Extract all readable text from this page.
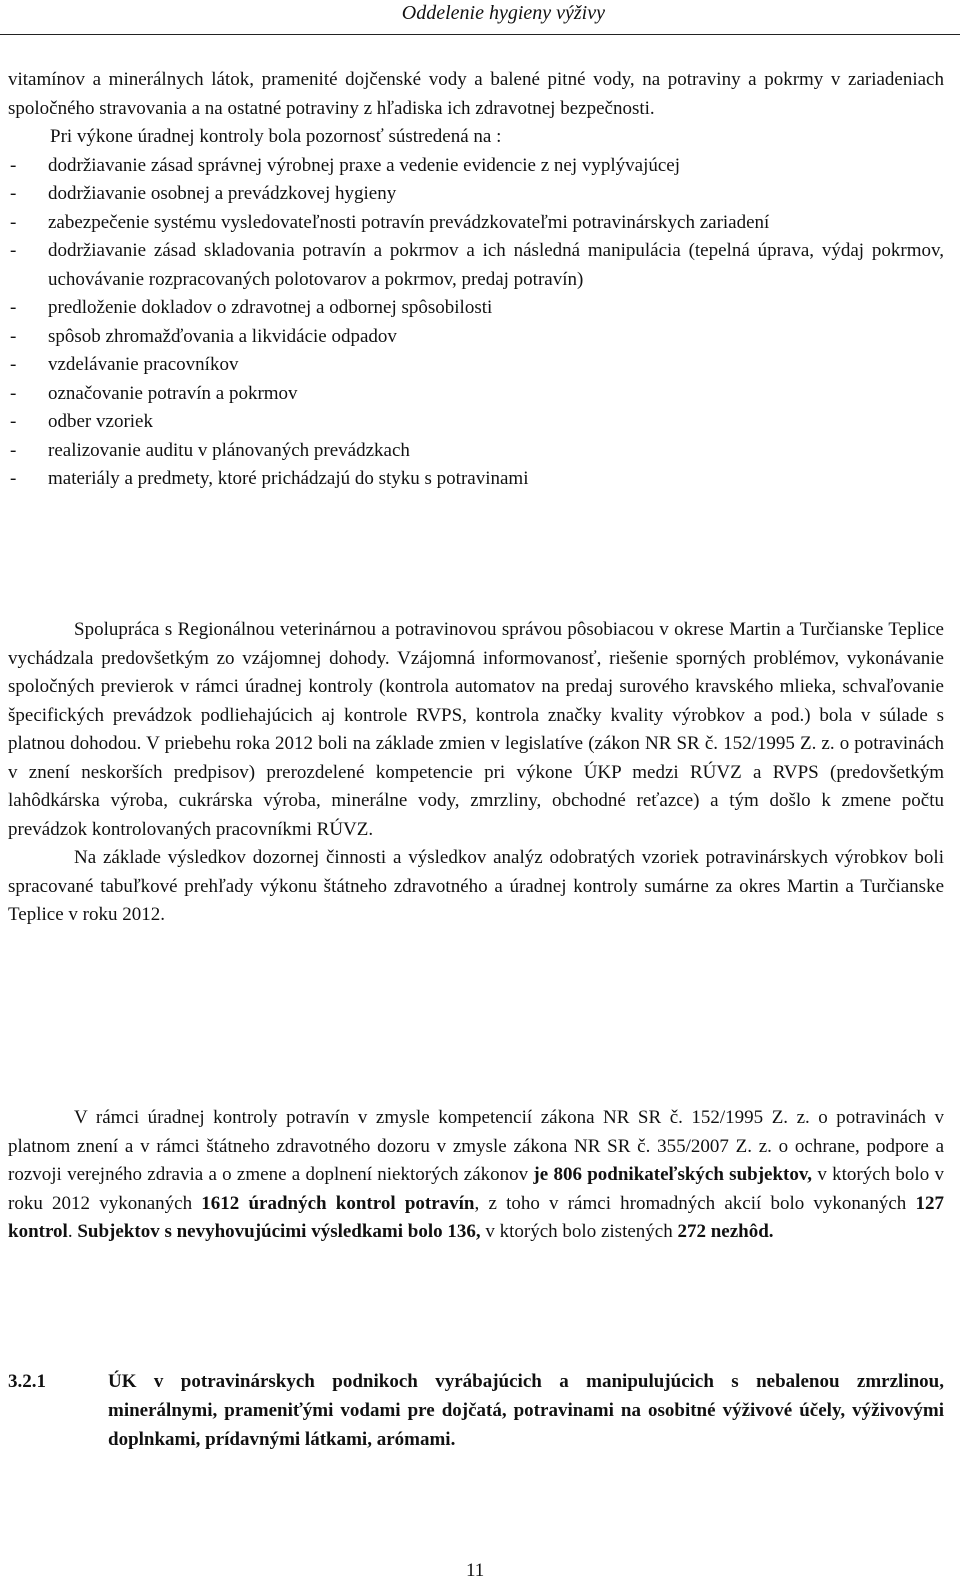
Oddelenie hygieny výživy

vitamínov a minerálnych látok, pramenité dojčenské vody a balené pitné vody, na potraviny a pokrmy v zariadeniach spoločného stravovania a na ostatné potraviny z hľadiska ich zdravotnej bezpečnosti.

Pri výkone úradnej kontroly bola pozornosť sústredená na :

- dodržiavanie zásad správnej výrobnej praxe a vedenie evidencie z nej vyplývajúcej
- dodržiavanie osobnej a prevádzkovej hygieny
- zabezpečenie systému vysledovateľnosti potravín prevádzkovateľmi potravinárskych zariadení
- dodržiavanie zásad skladovania potravín a pokrmov a ich následná manipulácia (tepelná úprava, výdaj pokrmov, uchovávanie rozpracovaných polotovarov a pokrmov, predaj potravín)
- predloženie dokladov o zdravotnej a odbornej spôsobilosti
- spôsob zhromažďovania a likvidácie odpadov
- vzdelávanie pracovníkov
- označovanie potravín a pokrmov
- odber vzoriek
- realizovanie auditu v plánovaných prevádzkach
- materiály a predmety, ktoré prichádzajú do styku s potravinami

Spolupráca s Regionálnou veterinárnou a potravinovou správou pôsobiacou v okrese Martin a Turčianske Teplice vychádzala predovšetkým zo vzájomnej dohody. Vzájomná informovanosť, riešenie sporných problémov, vykonávanie spoločných previerok v rámci úradnej kontroly (kontrola automatov na predaj surového kravského mlieka, schvaľovanie špecifických prevádzok podliehajúcich aj kontrole RVPS, kontrola značky kvality výrobkov a pod.) bola v súlade s platnou dohodou. V priebehu roka 2012 boli na základe zmien v legislatíve (zákon NR SR č. 152/1995 Z. z. o potravinách v znení neskorších predpisov) prerozdelené kompetencie pri výkone ÚKP medzi RÚVZ a RVPS (predovšetkým lahôdkárska výroba, cukrárska výroba, minerálne vody, zmrzliny, obchodné reťazce) a tým došlo k zmene počtu prevádzok kontrolovaných pracovníkmi RÚVZ.

Na základe výsledkov dozornej činnosti a výsledkov analýz odobratých vzoriek potravinárskych výrobkov boli spracované tabuľkové prehľady výkonu štátneho zdravotného a úradnej kontroly sumárne za okres Martin a Turčianske Teplice v roku 2012.

V rámci úradnej kontroly potravín v zmysle kompetencií zákona NR SR č. 152/1995 Z. z. o potravinách v platnom znení a v rámci štátneho zdravotného dozoru v zmysle zákona NR SR č. 355/2007 Z. z. o ochrane, podpore a rozvoji verejného zdravia a o zmene a doplnení niektorých zákonov je 806 podnikateľských subjektov, v ktorých bolo v roku 2012 vykonaných 1612 úradných kontrol potravín, z toho v rámci hromadných akcií bolo vykonaných 127 kontrol. Subjektov s nevyhovujúcimi výsledkami bolo 136, v ktorých bolo zistených 272 nezhôd.

3.2.1	ÚK v potravinárskych podnikoch vyrábajúcich a manipulujúcich s nebalenou zmrzlinou, minerálnymi, prameniťými vodami pre dojčatá, potravinami na osobitné výživové účely, výživovými doplnkami, prídavnými látkami, arómami.
11
